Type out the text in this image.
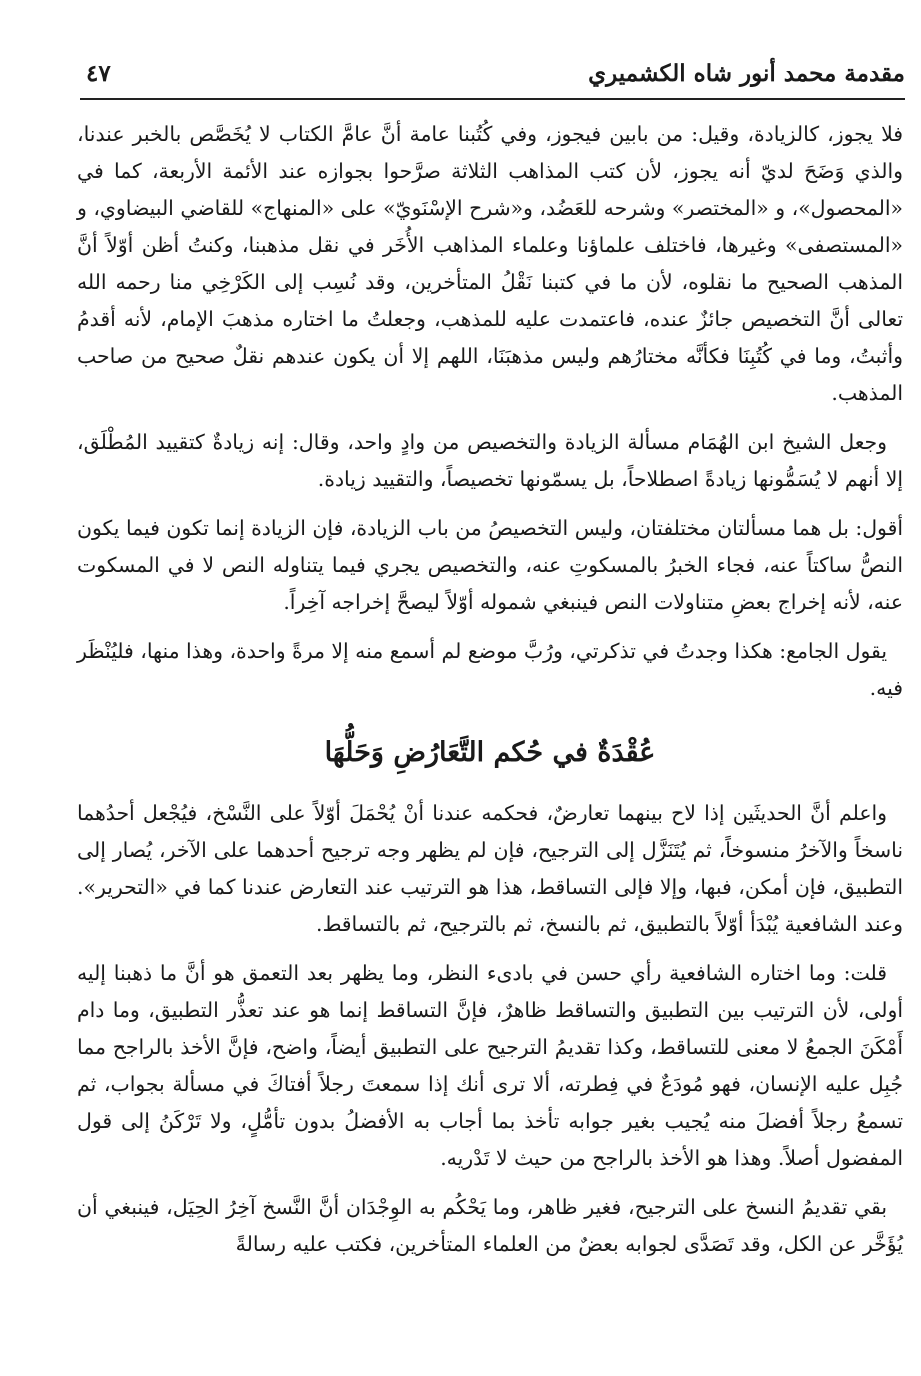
مقدمة محمد أنور شاه الكشميري
٤٧

فلا يجوز، كالزيادة، وقيل: من بابين فيجوز، وفي كُتُبنا عامة أنَّ عامَّ الكتاب لا يُخَصَّص بالخبر عندنا، والذي وَضَحَ لديّ أنه يجوز، لأن كتب المذاهب الثلاثة صرَّحوا بجوازه عند الأئمة الأربعة، كما في «المحصول»، و «المختصر» وشرحه للعَضُد، و«شرح الإسْنَويّ» على «المنهاج» للقاضي البيضاوي، و «المستصفى» وغيرها، فاختلف علماؤنا وعلماء المذاهب الأُخَر في نقل مذهبنا، وكنتُ أظن أوّلاً أنَّ المذهب الصحيح ما نقلوه، لأن ما في كتبنا نَقْلُ المتأخرين، وقد نُسِب إلى الكَرْخِي منا رحمه الله تعالى أنَّ التخصيص جائزٌ عنده، فاعتمدت عليه للمذهب، وجعلتُ ما اختاره مذهبَ الإمام، لأنه أقدمُ وأثبتُ، وما في كُتُبِنَا فكأنَّه مختارُهم وليس مذهبَنَا، اللهم إلا أن يكون عندهم نقلٌ صحيح من صاحب المذهب.

وجعل الشيخ ابن الهُمَام مسألة الزيادة والتخصيص من وادٍ واحد، وقال: إنه زيادةٌ كتقييد المُطْلَق، إلا أنهم لا يُسَمُّونها زيادةً اصطلاحاً، بل يسمّونها تخصيصاً، والتقييد زيادة.

أقول: بل هما مسألتان مختلفتان، وليس التخصيصُ من باب الزيادة، فإن الزيادة إنما تكون فيما يكون النصُّ ساكتاً عنه، فجاء الخبرُ بالمسكوتِ عنه، والتخصيص يجري فيما يتناوله النص لا في المسكوت عنه، لأنه إخراج بعضِ متناولات النص فينبغي شموله أوّلاً ليصحَّ إخراجه آخِراً.

يقول الجامع: هكذا وجدتُ في تذكرتي، ورُبَّ موضع لم أسمع منه إلا مرةً واحدة، وهذا منها، فليُنْظَر فيه.

عُقْدَةٌ في حُكم التَّعَارُضِ وَحَلُّهَا

واعلم أنَّ الحديثَين إذا لاح بينهما تعارضٌ، فحكمه عندنا أنْ يُحْمَلَ أوّلاً على النَّسْخ، فيُجْعل أحدُهما ناسخاً والآخرُ منسوخاً، ثم يُتَنَزَّل إلى الترجيح، فإن لم يظهر وجه ترجيح أحدهما على الآخر، يُصار إلى التطبيق، فإن أمكن، فبها، وإلا فإلى التساقط، هذا هو الترتيب عند التعارض عندنا كما في «التحرير». وعند الشافعية يُبْدَأ أوّلاً بالتطبيق، ثم بالنسخ، ثم بالترجيح، ثم بالتساقط.

قلت: وما اختاره الشافعية رأي حسن في بادىء النظر، وما يظهر بعد التعمق هو أنَّ ما ذهبنا إليه أولى، لأن الترتيب بين التطبيق والتساقط ظاهرٌ، فإنَّ التساقط إنما هو عند تعذُّر التطبيق، وما دام أَمْكَنَ الجمعُ لا معنى للتساقط، وكذا تقديمُ الترجيح على التطبيق أيضاً، واضح، فإنَّ الأخذ بالراجح مما جُبِل عليه الإنسان، فهو مُودَعٌ في فِطرته، ألا ترى أنك إذا سمعتَ رجلاً أفتاكَ في مسألة بجواب، ثم تسمعُ رجلاً أفضلَ منه يُجيب بغير جوابه تأخذ بما أجاب به الأفضلُ بدون تأمُّلٍ، ولا تَرْكَنُ إلى قول المفضول أصلاً. وهذا هو الأخذ بالراجح من حيث لا تَدْريه.

بقي تقديمُ النسخ على الترجيح، فغير ظاهر، وما يَحْكُم به الوِجْدَان أنَّ النَّسخ آخِرُ الحِيَل، فينبغي أن يُؤَخَّر عن الكل، وقد تَصَدَّى لجوابه بعضٌ من العلماء المتأخرين، فكتب عليه رسالةً
